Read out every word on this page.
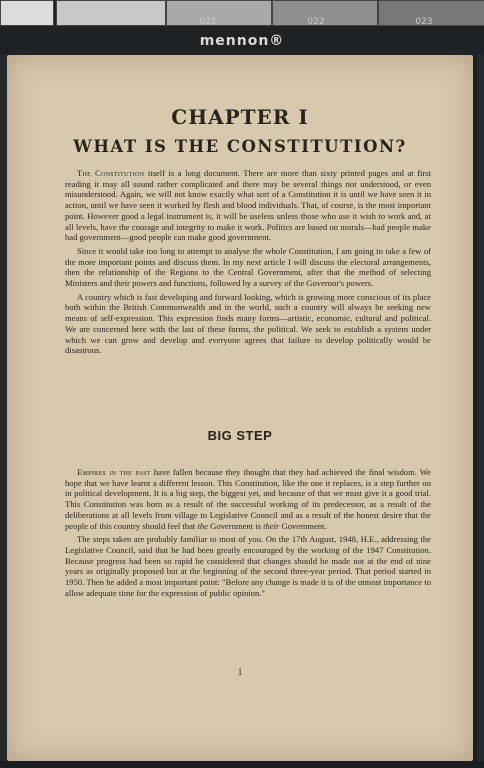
020	021	022	023
mennon®
CHAPTER I
WHAT IS THE CONSTITUTION?

The Constitution itself is a long document. There are more than sixty printed pages and at first reading it may all sound rather complicated and there may be several things not understood, or even misunderstood. Again, we will not know exactly what sort of a Constitution it is until we have seen it in action, until we have seen it worked by flesh and blood individuals. That, of course, is the most important point. However good a legal instrument is, it will be useless unless those who use it wish to work and, at all levels, have the courage and integrity to make it work. Politics are based on morals—bad people make bad government—good people can make good government.

Since it would take too long to attempt to analyse the whole Constitution, I am going to take a few of the more important points and discuss them. In my next article I will discuss the electoral arrangements, then the relationship of the Regions to the Central Government, after that the method of selecting Ministers and their powers and functions, followed by a survey of the Governor's powers.

A country which is fast developing and forward looking, which is growing more conscious of its place both within the British Commonwealth and in the world, such a country will always be seeking new means of self-expression. This expression finds many forms—artistic, economic, cultural and political. We are concerned here with the last of these forms, the political. We seek to establish a system under which we can grow and develop and everyone agrees that failure to develop politically would be disastrous.

BIG STEP

Empires in the past have fallen because they thought that they had achieved the final wisdom. We hope that we have learnt a different lesson. This Constitution, like the one it replaces, is a step further on in political development. It is a big step, the biggest yet, and because of that we must give it a good trial. This Constitution was born as a result of the successful working of its predecessor, as a result of the deliberations at all levels from village to Legislative Council and as a result of the honest desire that the people of this country should feel that the Government is their Government.

The steps taken are probably familiar to most of you. On the 17th August, 1948, H.E., addressing the Legislative Council, said that he had been greatly encouraged by the working of the 1947 Constitution. Because progress had been so rapid he considered that changes should be made not at the end of nine years as originally proposed but at the beginning of the second three-year period. That period started in 1950. Then he added a most important point: "Before any change is made it is of the utmost importance to allow adequate time for the expression of public opinion."

1
